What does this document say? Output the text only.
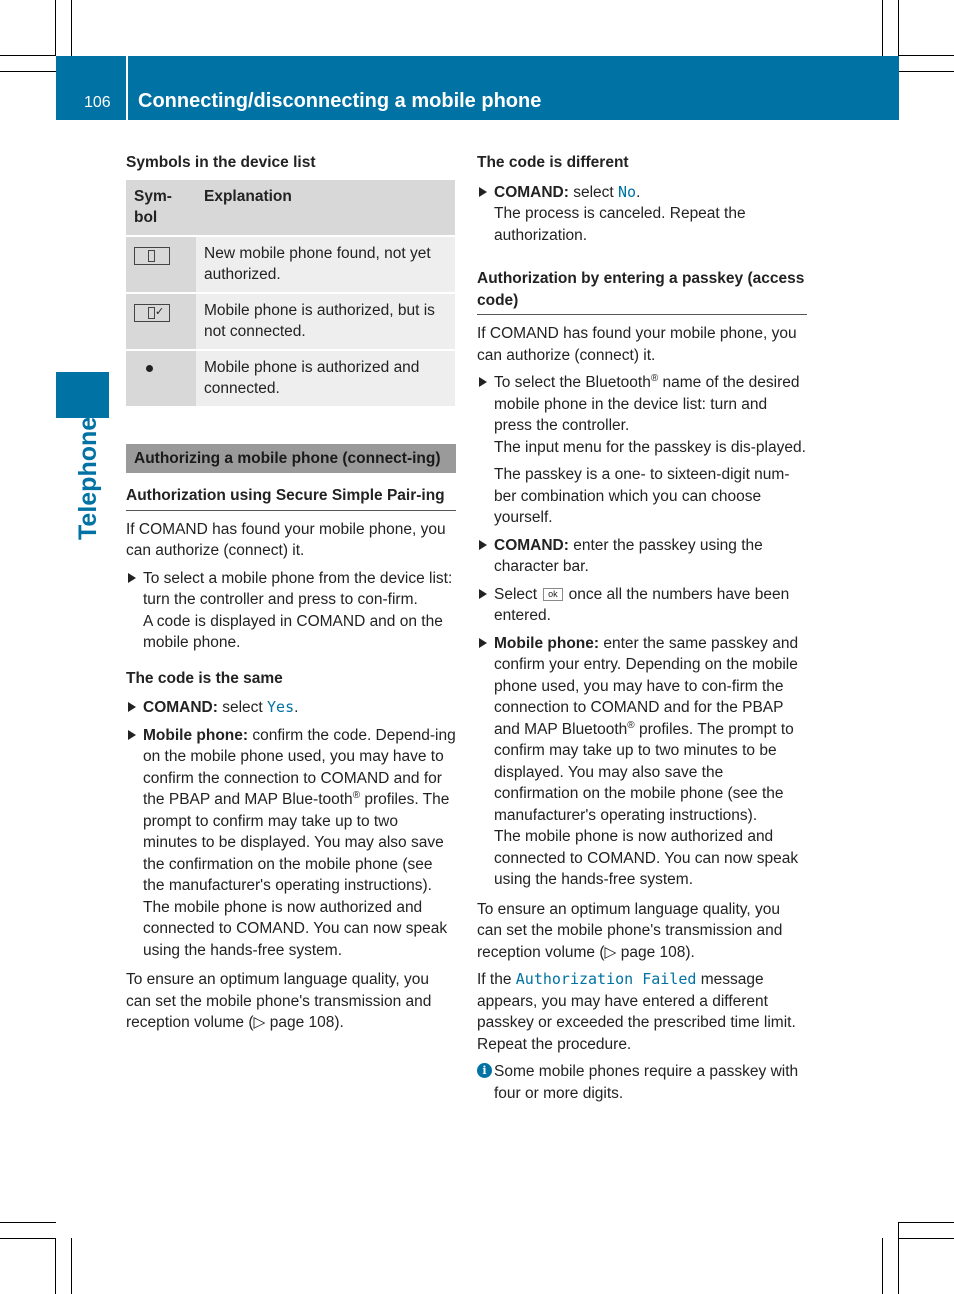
106 Connecting/disconnecting a mobile phone
Telephone

Symbols in the device list

Sym-bol	Explanation

	New mobile phone found, not yet authorized.

✓	Mobile phone is authorized, but is not connected.
	Mobile phone is authorized and connected.
Authorizing a mobile phone (connect-ing)

Authorization using Secure Simple Pair-ing

If COMAND has found your mobile phone, you can authorize (connect) it.

To select a mobile phone from the device list: turn the controller and press to con-firm.

A code is displayed in COMAND and on the mobile phone.

The code is the same

COMAND: select Yes.

Mobile phone: confirm the code. Depend-ing on the mobile phone used, you may have to confirm the connection to COMAND and for the PBAP and MAP Blue-tooth® profiles. The prompt to confirm may take up to two minutes to be displayed. You may also save the confirmation on the mobile phone (see the manufacturer's operating instructions).

The mobile phone is now authorized and connected to COMAND. You can now speak using the hands-free system.

To ensure an optimum language quality, you can set the mobile phone's transmission and reception volume (▷ page 108).

The code is different

COMAND: select No.

The process is canceled. Repeat the authorization.

Authorization by entering a passkey (access code)

If COMAND has found your mobile phone, you can authorize (connect) it.

To select the Bluetooth® name of the desired mobile phone in the device list: turn and press the controller.

The input menu for the passkey is dis-played.

The passkey is a one- to sixteen-digit num-ber combination which you can choose yourself.

COMAND: enter the passkey using the character bar.

Select ok once all the numbers have been entered.

Mobile phone: enter the same passkey and confirm your entry. Depending on the mobile phone used, you may have to con-firm the connection to COMAND and for the PBAP and MAP Bluetooth® profiles. The prompt to confirm may take up to two minutes to be displayed. You may also save the confirmation on the mobile phone (see the manufacturer's operating instructions).

The mobile phone is now authorized and connected to COMAND. You can now speak using the hands-free system.

To ensure an optimum language quality, you can set the mobile phone's transmission and reception volume (▷ page 108).

If the Authorization Failed message appears, you may have entered a different passkey or exceeded the prescribed time limit. Repeat the procedure.

i Some mobile phones require a passkey with four or more digits.
